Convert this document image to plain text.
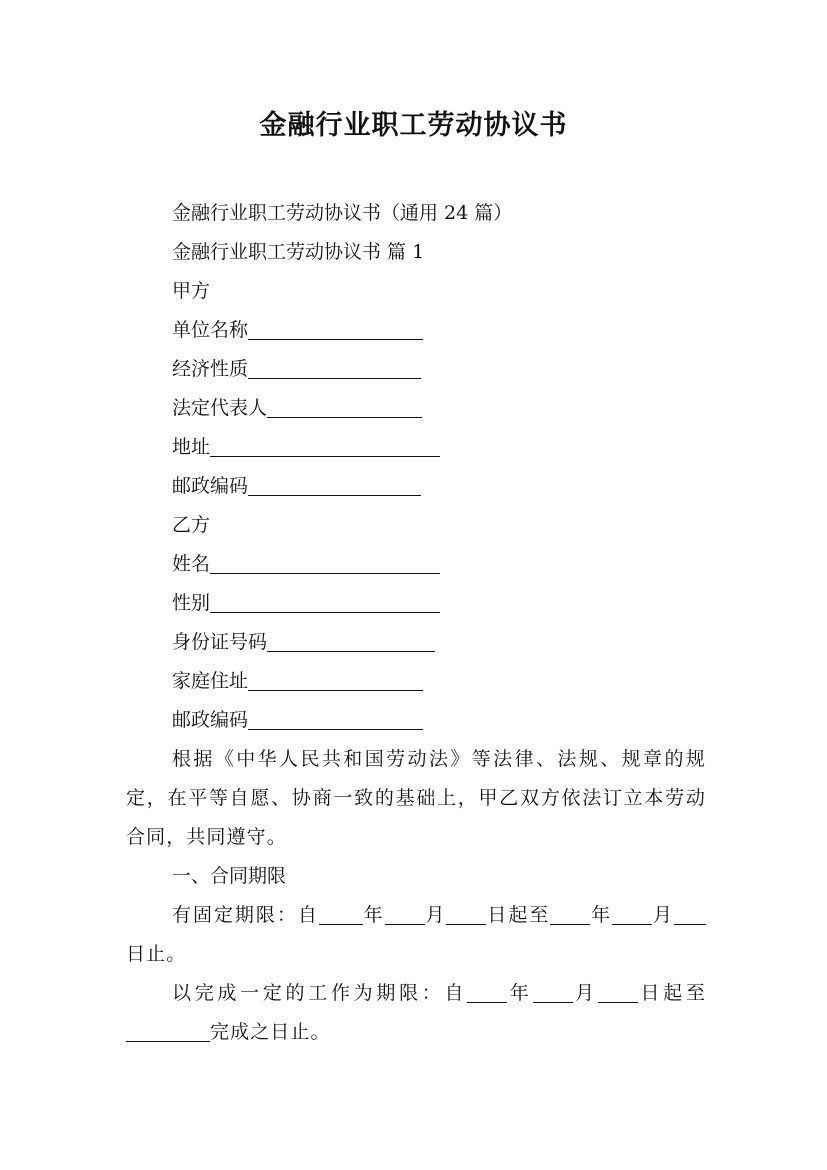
金融行业职工劳动协议书

金融行业职工劳动协议书（通用 24 篇）

金融行业职工劳动协议书 篇 1

甲方

单位名称

经济性质

法定代表人

地址

邮政编码

乙方

姓名

性别

身份证号码

家庭住址

邮政编码

根据《中华人民共和国劳动法》等法律、法规、规章的规定，在平等自愿、协商一致的基础上，甲乙双方依法订立本劳动合同，共同遵守。

一、合同期限

有固定期限：自 年 月 日起至 年 月日止。

以完成一定的工作为期限：自 年 月 日起至完成之日止。
